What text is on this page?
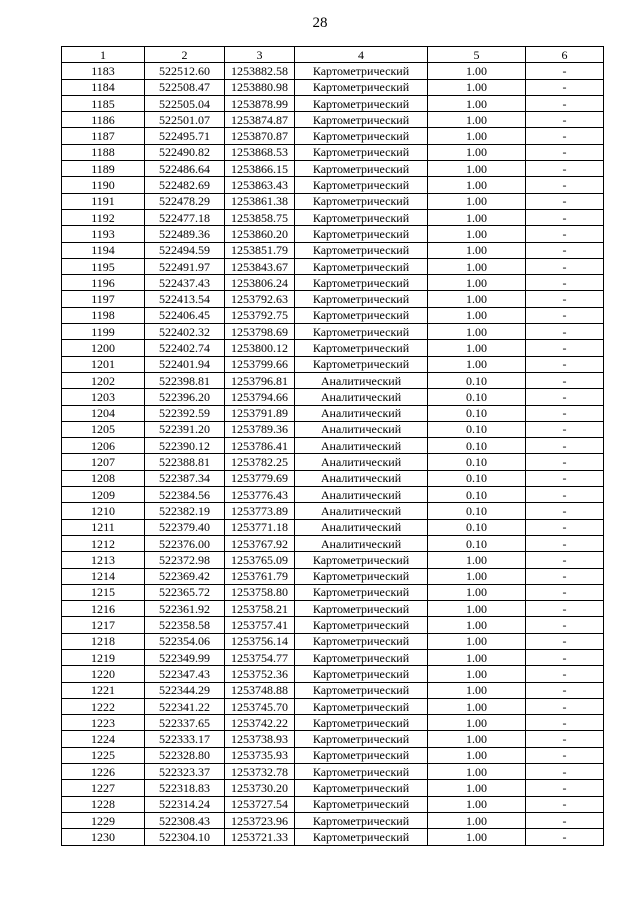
28
1	2	3	4	5	6
1183	522512.60	1253882.58	Картометрический	1.00	-
1184	522508.47	1253880.98	Картометрический	1.00	-
1185	522505.04	1253878.99	Картометрический	1.00	-
1186	522501.07	1253874.87	Картометрический	1.00	-
1187	522495.71	1253870.87	Картометрический	1.00	-
1188	522490.82	1253868.53	Картометрический	1.00	-
1189	522486.64	1253866.15	Картометрический	1.00	-
1190	522482.69	1253863.43	Картометрический	1.00	-
1191	522478.29	1253861.38	Картометрический	1.00	-
1192	522477.18	1253858.75	Картометрический	1.00	-
1193	522489.36	1253860.20	Картометрический	1.00	-
1194	522494.59	1253851.79	Картометрический	1.00	-
1195	522491.97	1253843.67	Картометрический	1.00	-
1196	522437.43	1253806.24	Картометрический	1.00	-
1197	522413.54	1253792.63	Картометрический	1.00	-
1198	522406.45	1253792.75	Картометрический	1.00	-
1199	522402.32	1253798.69	Картометрический	1.00	-
1200	522402.74	1253800.12	Картометрический	1.00	-
1201	522401.94	1253799.66	Картометрический	1.00	-
1202	522398.81	1253796.81	Аналитический	0.10	-
1203	522396.20	1253794.66	Аналитический	0.10	-
1204	522392.59	1253791.89	Аналитический	0.10	-
1205	522391.20	1253789.36	Аналитический	0.10	-
1206	522390.12	1253786.41	Аналитический	0.10	-
1207	522388.81	1253782.25	Аналитический	0.10	-
1208	522387.34	1253779.69	Аналитический	0.10	-
1209	522384.56	1253776.43	Аналитический	0.10	-
1210	522382.19	1253773.89	Аналитический	0.10	-
1211	522379.40	1253771.18	Аналитический	0.10	-
1212	522376.00	1253767.92	Аналитический	0.10	-
1213	522372.98	1253765.09	Картометрический	1.00	-
1214	522369.42	1253761.79	Картометрический	1.00	-
1215	522365.72	1253758.80	Картометрический	1.00	-
1216	522361.92	1253758.21	Картометрический	1.00	-
1217	522358.58	1253757.41	Картометрический	1.00	-
1218	522354.06	1253756.14	Картометрический	1.00	-
1219	522349.99	1253754.77	Картометрический	1.00	-
1220	522347.43	1253752.36	Картометрический	1.00	-
1221	522344.29	1253748.88	Картометрический	1.00	-
1222	522341.22	1253745.70	Картометрический	1.00	-
1223	522337.65	1253742.22	Картометрический	1.00	-
1224	522333.17	1253738.93	Картометрический	1.00	-
1225	522328.80	1253735.93	Картометрический	1.00	-
1226	522323.37	1253732.78	Картометрический	1.00	-
1227	522318.83	1253730.20	Картометрический	1.00	-
1228	522314.24	1253727.54	Картометрический	1.00	-
1229	522308.43	1253723.96	Картометрический	1.00	-
1230	522304.10	1253721.33	Картометрический	1.00	-
